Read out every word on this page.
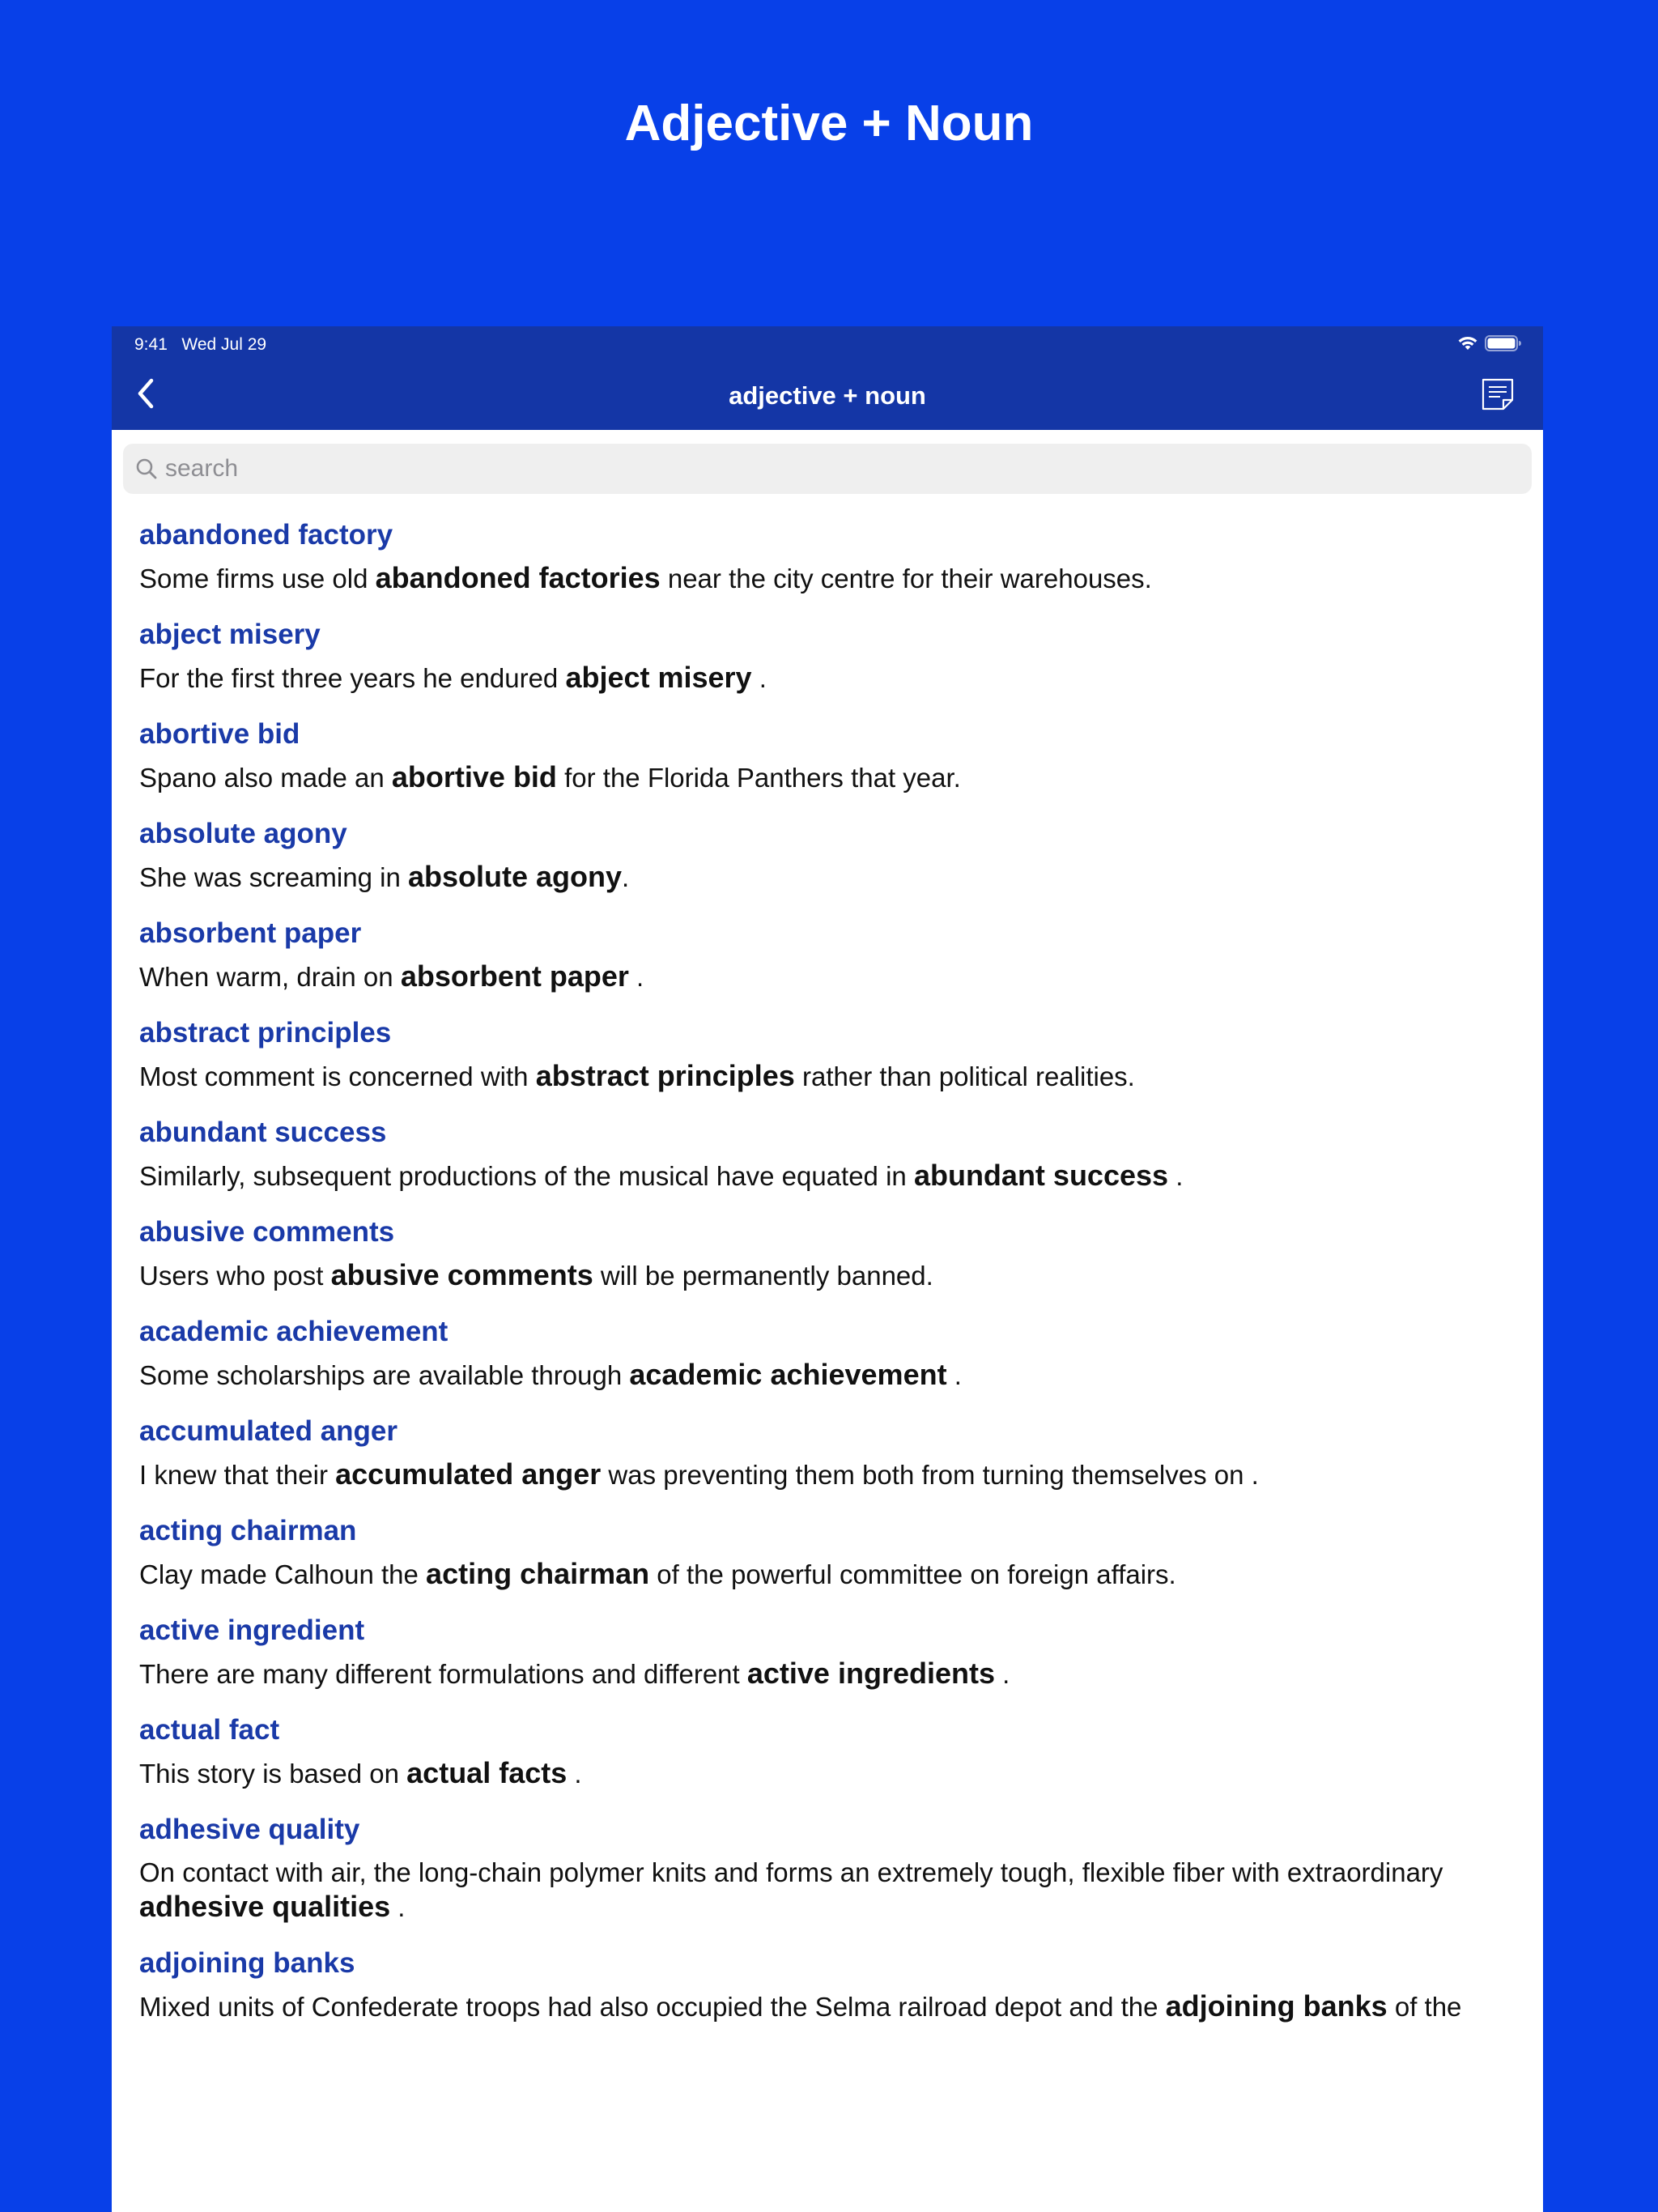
Adjective + Noun
9:41   Wed Jul 29
adjective + noun
search
abandoned factory
Some firms use old abandoned factories near the city centre for their warehouses.
abject misery
For the first three years he endured abject misery .
abortive bid
Spano also made an abortive bid for the Florida Panthers that year.
absolute agony
She was screaming in absolute agony.
absorbent paper
When warm, drain on absorbent paper .
abstract principles
Most comment is concerned with abstract principles rather than political realities.
abundant success
Similarly, subsequent productions of the musical have equated in abundant success .
abusive comments
Users who post abusive comments will be permanently banned.
academic achievement
Some scholarships are available through academic achievement .
accumulated anger
I knew that their accumulated anger was preventing them both from turning themselves on .
acting chairman
Clay made Calhoun the acting chairman of the powerful committee on foreign affairs.
active ingredient
There are many different formulations and different active ingredients .
actual fact
This story is based on actual facts .
adhesive quality
On contact with air, the long-chain polymer knits and forms an extremely tough, flexible fiber with extraordinary adhesive qualities .
adjoining banks
Mixed units of Confederate troops had also occupied the Selma railroad depot and the adjoining banks of the
